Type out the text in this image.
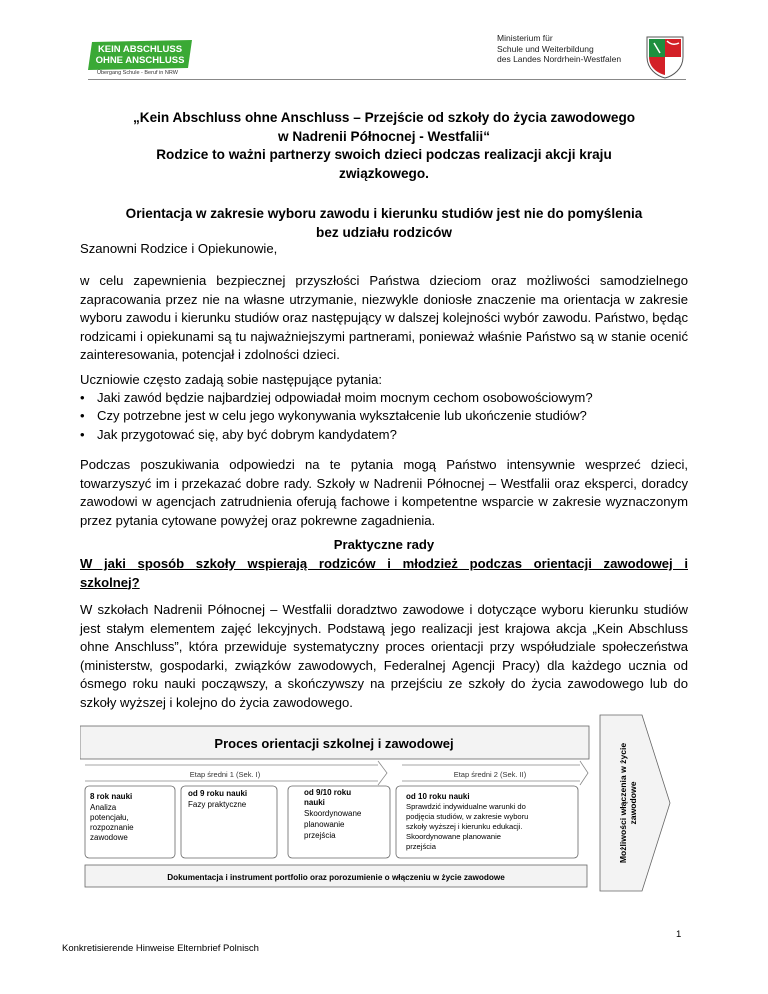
KEIN ABSCHLUSS
OHNE ANSCHLUSS
Übergang Schule - Beruf in NRW
Ministerium für
Schule und Weiterbildung
des Landes Nordrhein-Westfalen
„Kein Abschluss ohne Anschluss – Przejście od szkoły do życia zawodowego
w Nadrenii Północnej - Westfalii“
Rodzice to ważni partnerzy swoich dzieci podczas realizacji akcji kraju
związkowego.
Orientacja w zakresie wyboru zawodu i kierunku studiów jest nie do pomyślenia
bez udziału rodziców
Szanowni Rodzice i Opiekunowie,
w celu zapewnienia bezpiecznej przyszłości Państwa dzieciom oraz możliwości samodzielnego zapracowania przez nie na własne utrzymanie, niezwykle doniosłe znaczenie ma orientacja w zakresie wyboru zawodu i kierunku studiów oraz następujący w dalszej kolejności wybór zawodu. Państwo, będąc rodzicami i opiekunami są tu najważniejszymi partnerami, ponieważ właśnie Państwo są w stanie ocenić zainteresowania, potencjał i zdolności dzieci.
Uczniowie często zadają sobie następujące pytania:
• Jaki zawód będzie najbardziej odpowiadał moim mocnym cechom osobowościowym?
• Czy potrzebne jest w celu jego wykonywania wykształcenie lub ukończenie studiów?
• Jak przygotować się, aby być dobrym kandydatem?
Podczas poszukiwania odpowiedzi na te pytania mogą Państwo intensywnie wesprzeć dzieci, towarzyszyć im i przekazać dobre rady. Szkoły w Nadrenii Północnej – Westfalii oraz eksperci, doradcy zawodowi w agencjach zatrudnienia oferują fachowe i kompetentne wsparcie w zakresie wyznaczonym przez pytania cytowane powyżej oraz pokrewne zagadnienia.
Praktyczne rady
W jaki sposób szkoły wspierają rodziców i młodzież podczas orientacji zawodowej i szkolnej?
W szkołach Nadrenii Północnej – Westfalii doradztwo zawodowe i dotyczące wyboru kierunku studiów jest stałym elementem zajęć lekcyjnych. Podstawą jego realizacji jest krajowa akcja „Kein Abschluss ohne Anschluss”, która przewiduje systematyczny proces orientacji przy współudziale społeczeństwa (ministerstw, gospodarki, związków zawodowych, Federalnej Agencji Pracy) dla każdego ucznia od ósmego roku nauki począwszy, a skończywszy na przejściu ze szkoły do życia zawodowego lub do szkoły wyższej i kolejno do życia zawodowego.
Proces orientacji szkolnej i zawodowej
Etap średni 1 (Sek. I)	Etap średni 2 (Sek. II)
8 rok nauki
Analiza
potencjału,
rozpoznanie
zawodowe
od 9 roku nauki
Fazy praktyczne
od 9/10 roku
nauki
Skoordynowane
planowanie
przejścia
od 10 roku nauki
Sprawdzić indywidualne warunki do
podjęcia studiów, w zakresie wyboru
szkoły wyższej i kierunku edukacji.
Skoordynowane planowanie
przejścia
Dokumentacja i instrument portfolio oraz porozumienie o włączeniu w życie zawodowe
Możliwości włączenia w życie zawodowe
Konkretisierende Hinweise Elternbrief Polnisch
1
